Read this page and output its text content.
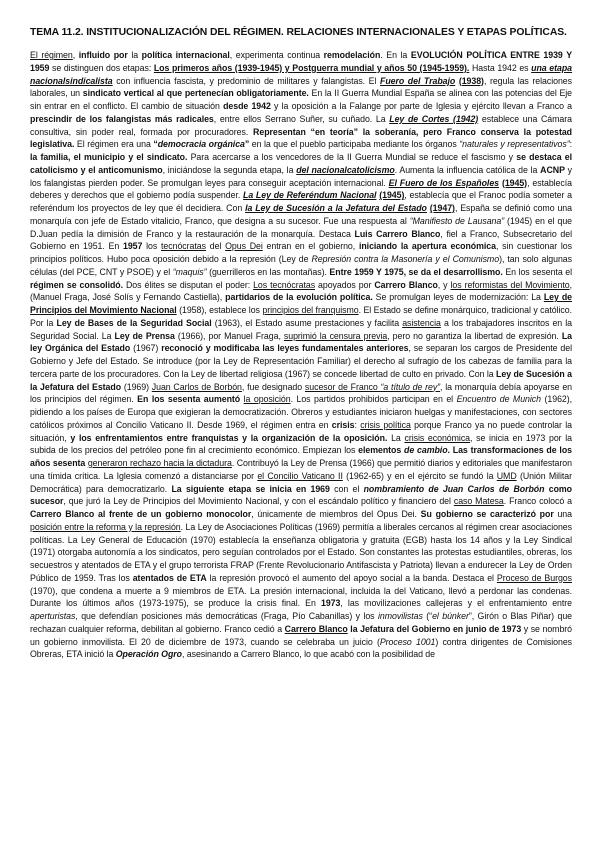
TEMA 11.2. INSTITUCIONALIZACIÓN DEL RÉGIMEN. RELACIONES INTERNACIONALES Y ETAPAS POLÍTICAS.

El régimen, influido por la política internacional, experimenta continua remodelación. En la EVOLUCIÓN POLÍTICA ENTRE 1939 Y 1959 se distinguen dos etapas: Los primeros años (1939-1945) y Postguerra mundial y años 50 (1945-1959). Hasta 1942 es una etapa nacionalsindicalista con influencia fascista, y predominio de militares y falangistas. El Fuero del Trabajo (1938), regula las relaciones laborales, un sindicato vertical al que pertenecían obligatoriamente. En la II Guerra Mundial España se alinea con las potencias del Eje sin entrar en el conflicto. El cambio de situación desde 1942 y la oposición a la Falange por parte de Iglesia y ejército llevan a Franco a prescindir de los falangistas más radicales, entre ellos Serrano Suñer, su cuñado. La Ley de Cortes (1942) establece una Cámara consultiva, sin poder real, formada por procuradores. Representan “en teoría” la soberanía, pero Franco conserva la potestad legislativa. El régimen era una “democracia orgánica” en la que el pueblo participaba mediante los órganos “naturales y representativos”: la familia, el municipio y el sindicato. Para acercarse a los vencedores de la II Guerra Mundial se reduce el fascismo y se destaca el catolicismo y el anticomunismo, iniciándose la segunda etapa, la del nacionalcatolicismo. Aumenta la influencia católica de la ACNP y los falangistas pierden poder. Se promulgan leyes para conseguir aceptación internacional. El Fuero de los Españoles (1945), establecía deberes y derechos que el gobierno podía suspender. La Ley de Referéndum Nacional (1945), establecía que el Franoc podía someter a referéndum los proyectos de ley que él decidiera. Con la Ley de Sucesión a la Jefatura del Estado (1947), España se definió como una monarquía con jefe de Estado vitalicio, Franco, que designa a su sucesor. Fue una respuesta al “Manifiesto de Lausana” (1945) en el que D.Juan pedía la dimisión de Franco y la restauración de la monarquía. Destaca Luis Carrero Blanco, fiel a Franco, Subsecretario del Gobierno en 1951. En 1957 los tecnócratas del Opus Dei entran en el gobierno, iniciando la apertura económica, sin cuestionar los principios políticos. Hubo poca oposición debido a la represión (Ley de Represión contra la Masonería y el Comunismo), tan solo algunas células (del PCE, CNT y PSOE) y el “maquis” (guerrilleros en las montañas). Entre 1959 Y 1975, se da el desarrollismo. En los sesenta el régimen se consolidó. Dos élites se disputan el poder: Los tecnócratas apoyados por Carrero Blanco, y los reformistas del Movimiento, (Manuel Fraga, José Solís y Fernando Castiella), partidarios de la evolución política. Se promulgan leyes de modernización: La Ley de Principios del Movimiento Nacional (1958), establece los principios del franquismo. El Estado se define monárquico, tradicional y católico. Por la Ley de Bases de la Seguridad Social (1963), el Estado asume prestaciones y facilita asistencia a los trabajadores inscritos en la Seguridad Social. La Ley de Prensa (1966), por Manuel Fraga, suprimió la censura previa, pero no garantiza la libertad de expresión. La ley Orgánica del Estado (1967) reconoció y modificaba las leyes fundamentales anteriores, se separan los cargos de Presidente del Gobierno y Jefe del Estado. Se introduce (por la Ley de Representación Familiar) el derecho al sufragio de los cabezas de familia para la tercera parte de los procuradores. Con la Ley de libertad religiosa (1967) se concede libertad de culto en privado. Con la Ley de Sucesión a la Jefatura del Estado (1969) Juan Carlos de Borbón, fue designado sucesor de Franco “a título de rey”, la monarquía debía apoyarse en los principios del régimen. En los sesenta aumentó la oposición. Los partidos prohibidos participan en el Encuentro de Munich (1962), pidiendo a los países de Europa que exigieran la democratización. Obreros y estudiantes iniciaron huelgas y manifestaciones, con sectores católicos próximos al Concilio Vaticano II. Desde 1969, el régimen entra en crisis: crisis política porque Franco ya no puede controlar la situación, y los enfrentamientos entre franquistas y la organización de la oposición. La crisis económica, se inicia en 1973 por la subida de los precios del petróleo pone fin al crecimiento económico. Empiezan los elementos de cambio. Las transformaciones de los años sesenta generaron rechazo hacia la dictadura. Contribuyó la Ley de Prensa (1966) que permitió diarios y editoriales que manifestaron una tímida crítica. La Iglesia comenzó a distanciarse por el Concilio Vaticano II (1962-65) y en el ejército se fundó la UMD (Unión Militar Democrática) para democratizarlo. La siguiente etapa se inicia en 1969 con el nombramiento de Juan Carlos de Borbón como sucesor, que juró la Ley de Principios del Movimiento Nacional, y con el escándalo político y financiero del caso Matesa. Franco colocó a Carrero Blanco al frente de un gobierno monocolor, únicamente de miembros del Opus Dei. Su gobierno se caracterizó por una posición entre la reforma y la represión. La Ley de Asociaciones Políticas (1969) permitía a liberales cercanos al régimen crear asociaciones políticas. La Ley General de Educación (1970) establecía la enseñanza obligatoria y gratuita (EGB) hasta los 14 años y la Ley Sindical (1971) otorgaba autonomía a los sindicatos, pero seguían controlados por el Estado. Son constantes las protestas estudiantiles, obreras, los secuestros y atentados de ETA y el grupo terrorista FRAP (Frente Revolucionario Antifascista y Patriota) llevan a endurecer la Ley de Orden Público de 1959. Tras los atentados de ETA la represión provocó el aumento del apoyo social a la banda. Destaca el Proceso de Burgos (1970), que condena a muerte a 9 miembros de ETA. La presión internacional, incluida la del Vaticano, llevó a perdonar las condenas. Durante los últimos años (1973-1975), se produce la crisis final. En 1973, las movilizaciones callejeras y el enfrentamiento entre aperturistas, que defendían posiciones más democráticas (Fraga, Pío Cabanillas) y los inmovilistas (“el búnker”, Girón o Blas Piñar) que rechazan cualquier reforma, debilitan al gobierno. Franco cedió a Carrero Blanco la Jefatura del Gobierno en junio de 1973 y se nombró un gobierno inmovilista. El 20 de diciembre de 1973, cuando se celebraba un juicio (Proceso 1001) contra dirigentes de Comisiones Obreras, ETA inició la Operación Ogro, asesinando a Carrero Blanco, lo que acabó con la posibilidad de
